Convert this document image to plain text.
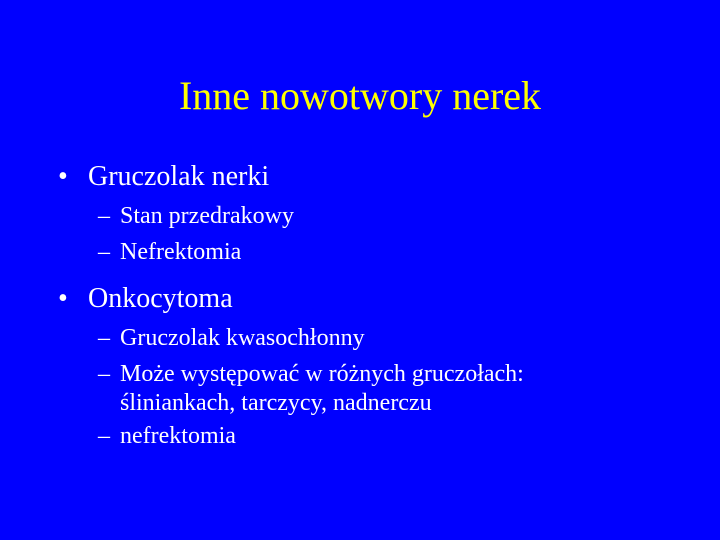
Inne nowotwory nerek
• Gruczolak nerki
– Stan przedrakowy
– Nefrektomia
• Onkocytoma
– Gruczolak kwasochłonny
– Może występować w różnych gruczołach:
śliniankach, tarczycy, nadnerczu
– nefrektomia
